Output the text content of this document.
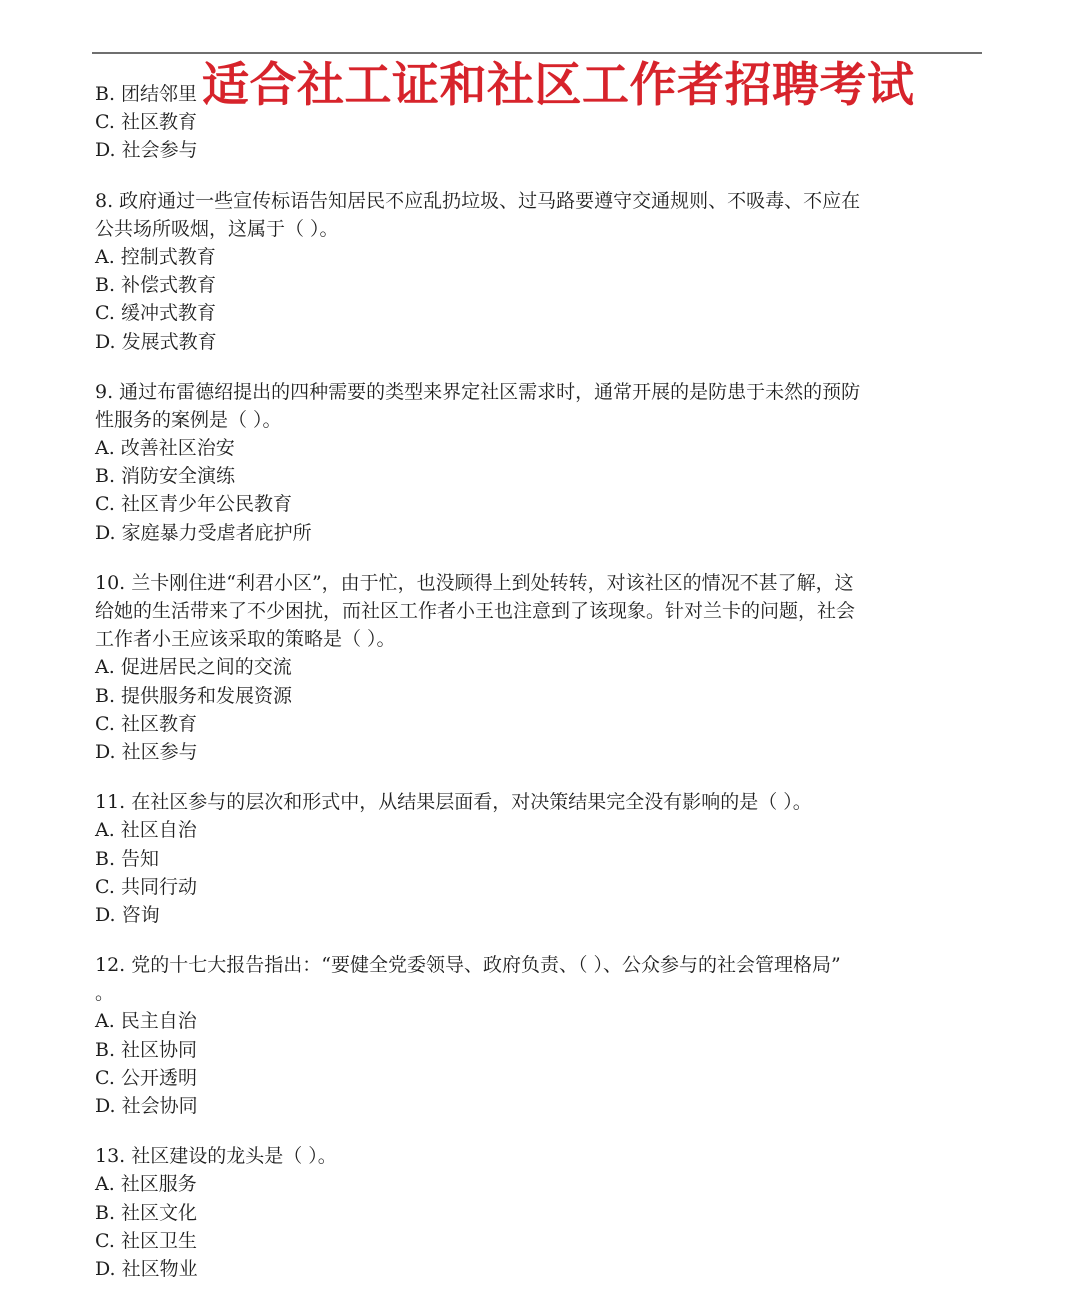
B. 团结邻里
C. 社区教育
D. 社会参与
8. 政府通过一些宣传标语告知居民不应乱扔垃圾、过马路要遵守交通规则、不吸毒、不应在
公共场所吸烟，这属于（ ）。
A. 控制式教育
B. 补偿式教育
C. 缓冲式教育
D. 发展式教育
9. 通过布雷德绍提出的四种需要的类型来界定社区需求时，通常开展的是防患于未然的预防
性服务的案例是（ ）。
A. 改善社区治安
B. 消防安全演练
C. 社区青少年公民教育
D. 家庭暴力受虐者庇护所
10. 兰卡刚住进“利君小区”，由于忙，也没顾得上到处转转，对该社区的情况不甚了解，这
给她的生活带来了不少困扰，而社区工作者小王也注意到了该现象。针对兰卡的问题，社会
工作者小王应该采取的策略是（ ）。
A. 促进居民之间的交流
B. 提供服务和发展资源
C. 社区教育
D. 社区参与
11. 在社区参与的层次和形式中，从结果层面看，对决策结果完全没有影响的是（ ）。
A. 社区自治
B. 告知
C. 共同行动
D. 咨询
12. 党的十七大报告指出：“要健全党委领导、政府负责、（ ）、公众参与的社会管理格局”
。
A. 民主自治
B. 社区协同
C. 公开透明
D. 社会协同
13. 社区建设的龙头是（ ）。
A. 社区服务
B. 社区文化
C. 社区卫生
D. 社区物业
适合社工证和社区工作者招聘考试
